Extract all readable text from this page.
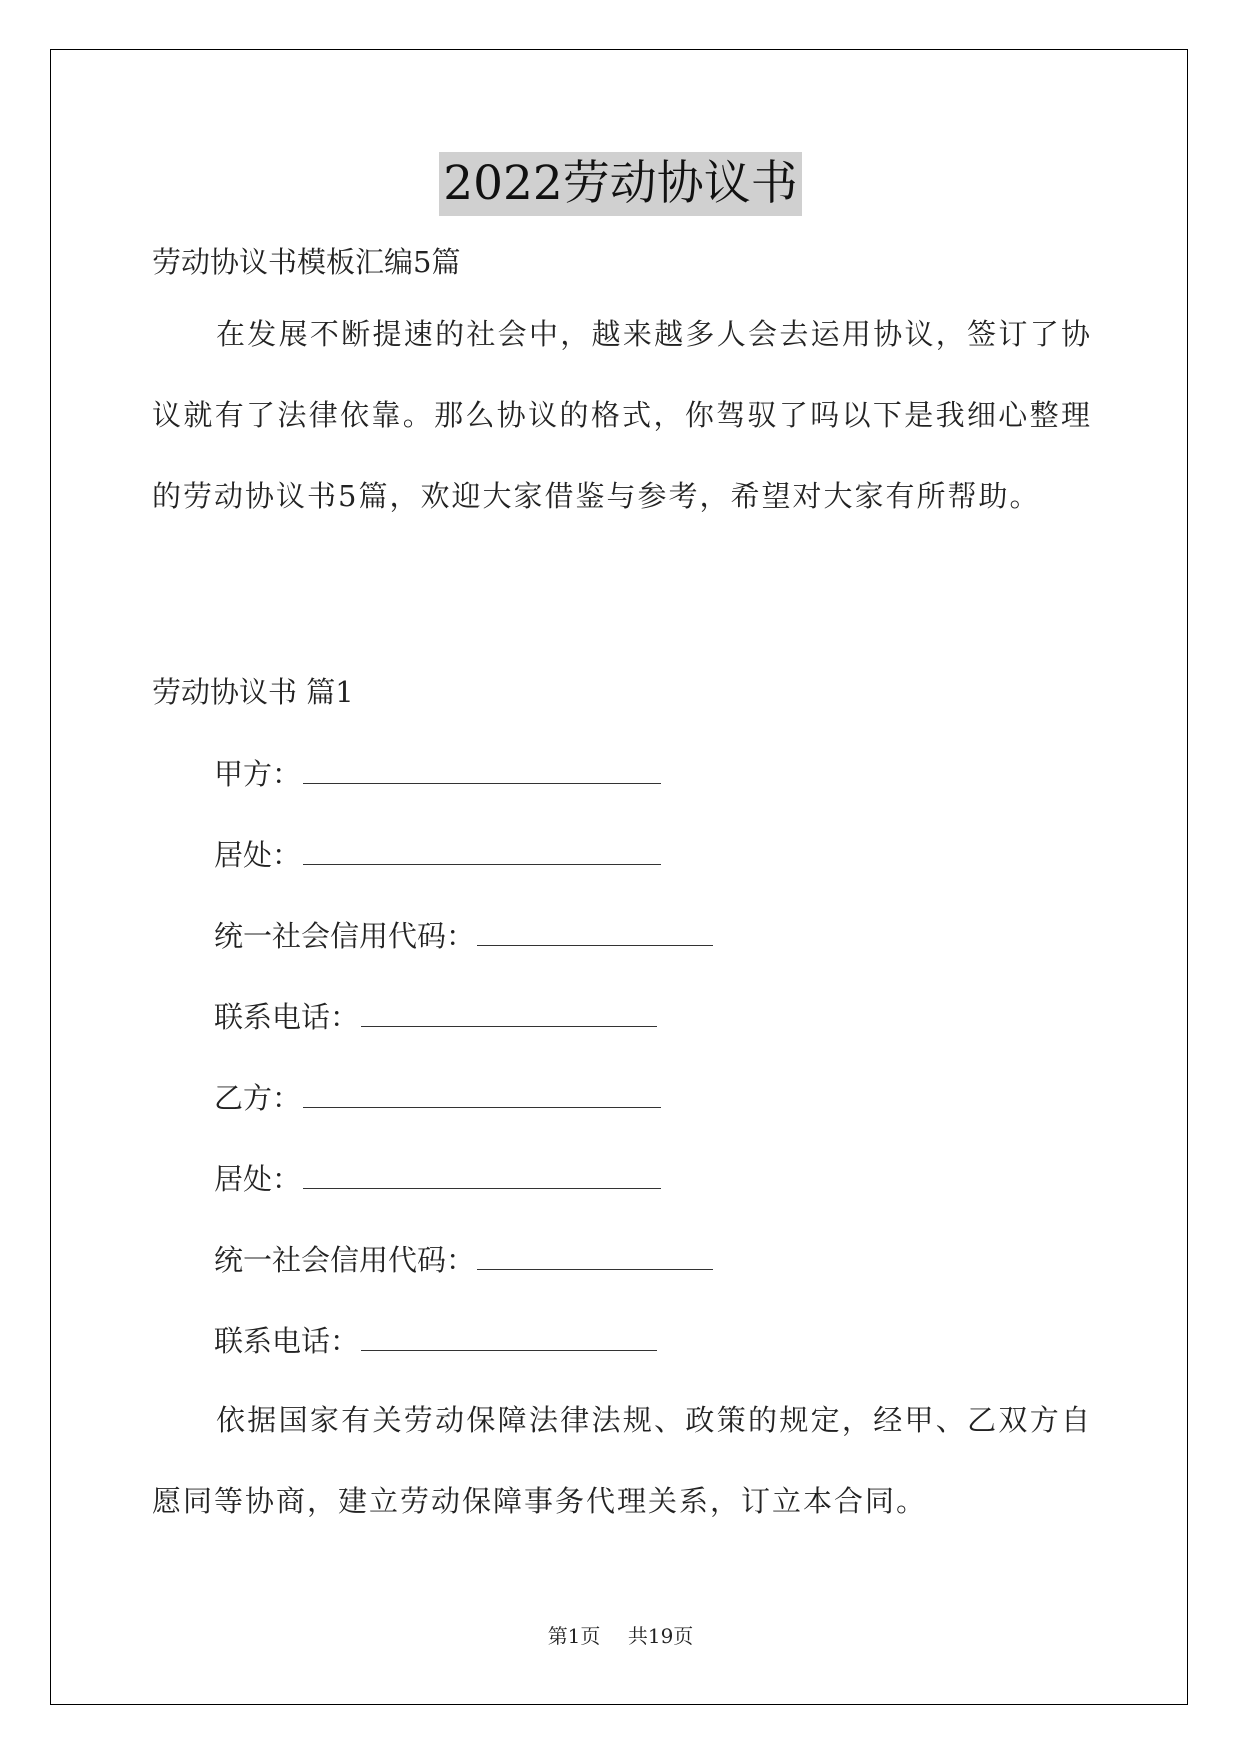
2022劳动协议书
劳动协议书模板汇编5篇
在发展不断提速的社会中，越来越多人会去运用协议，签订了协议就有了法律依靠。那么协议的格式，你驾驭了吗以下是我细心整理的劳动协议书5篇，欢迎大家借鉴与参考，希望对大家有所帮助。
劳动协议书 篇1
甲方：
居处：
统一社会信用代码：
联系电话：
乙方：
居处：
统一社会信用代码：
联系电话：
依据国家有关劳动保障法律法规、政策的规定，经甲、乙双方自愿同等协商，建立劳动保障事务代理关系，订立本合同。
第1页 共19页
